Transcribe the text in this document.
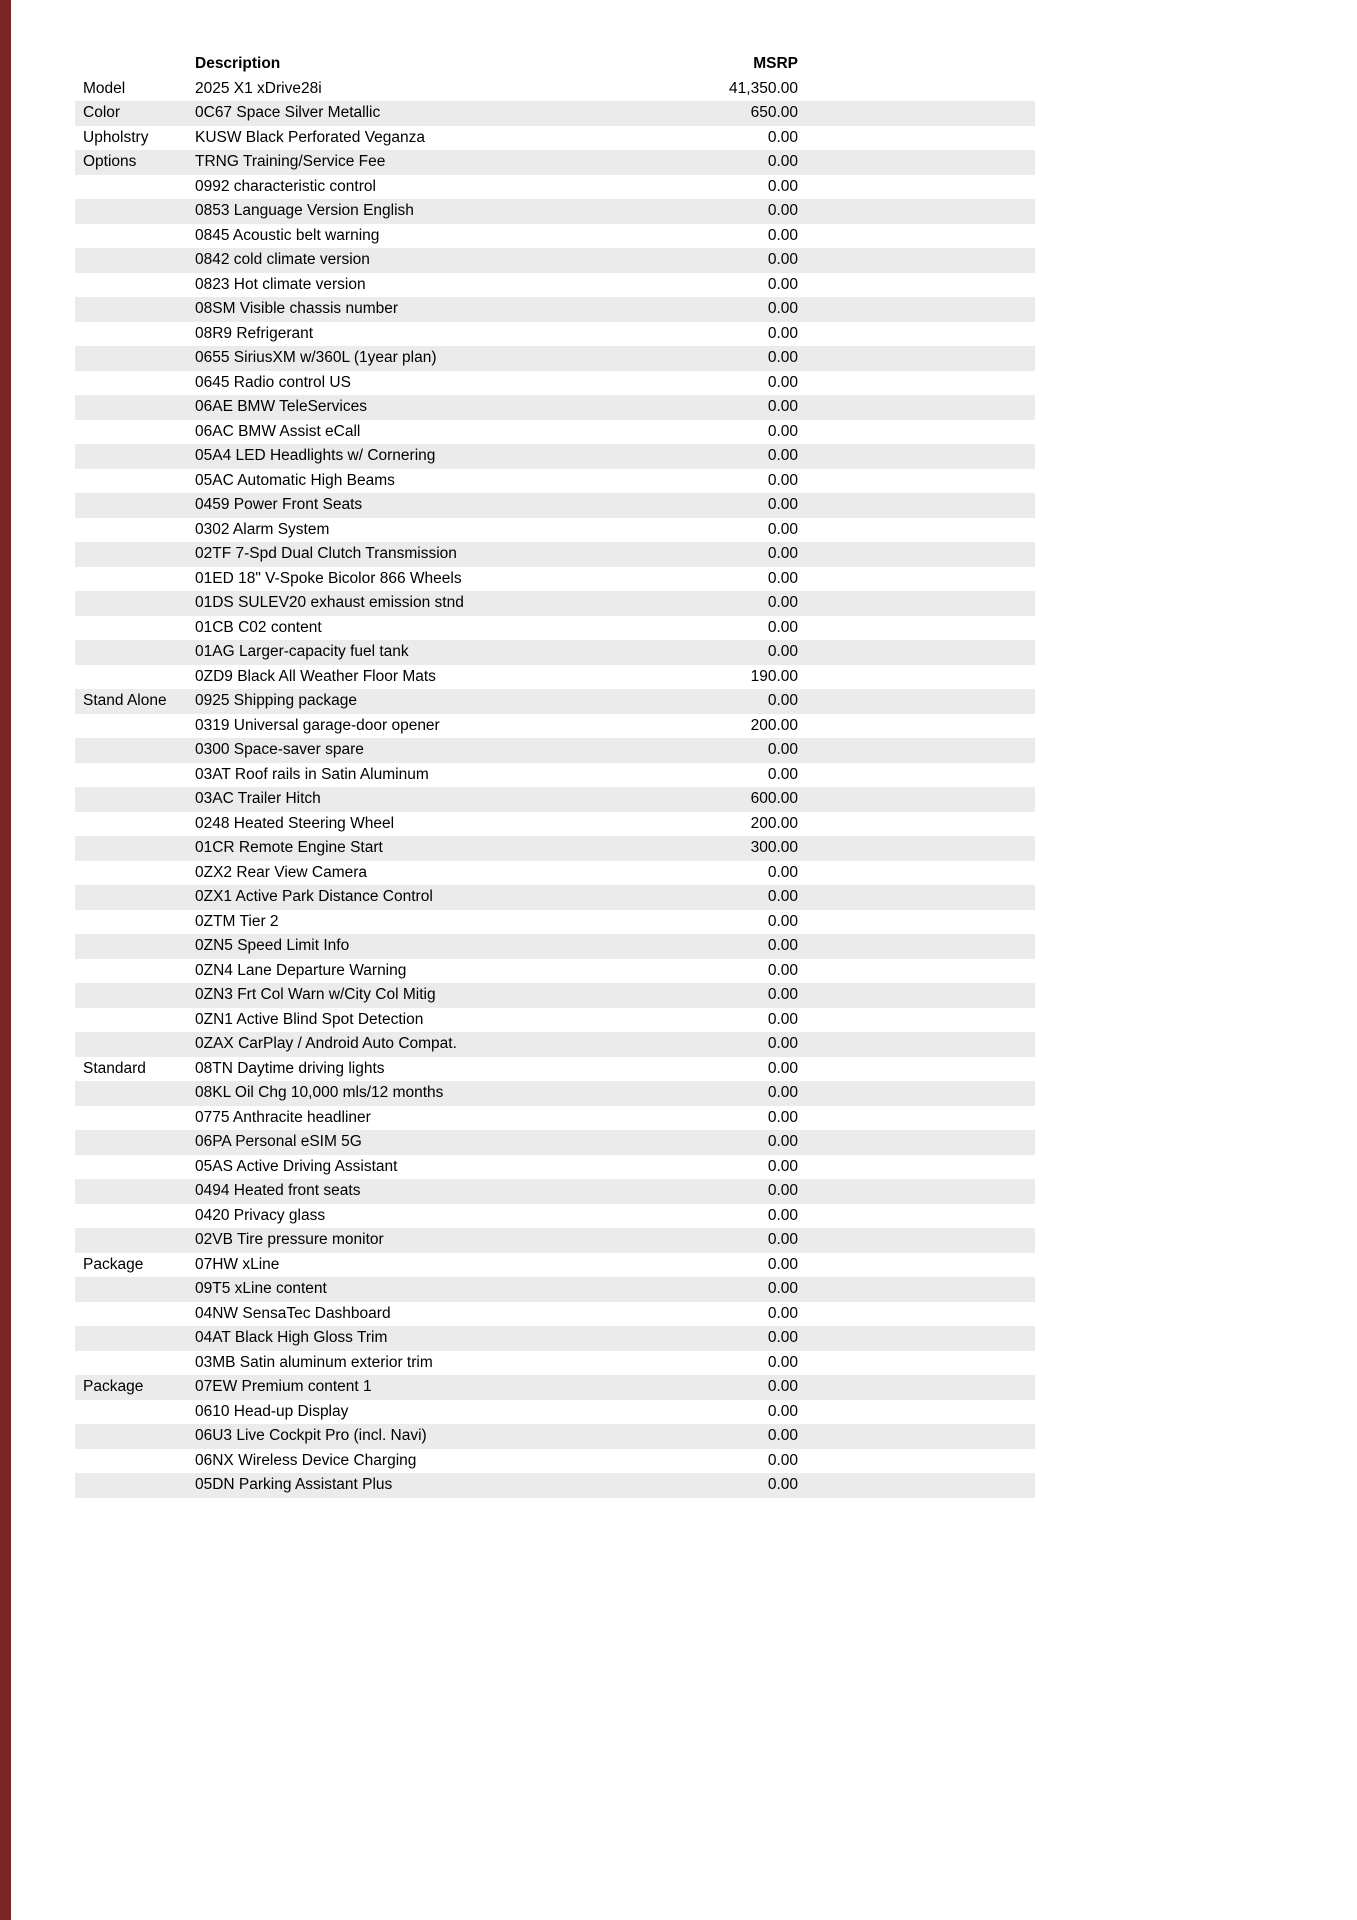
	Description	MSRP	
Model	2025 X1 xDrive28i	41,350.00	
Color	0C67 Space Silver Metallic	650.00	
Upholstry	KUSW Black Perforated Veganza	0.00	
Options	TRNG Training/Service Fee	0.00	
	0992 characteristic control	0.00	
	0853 Language Version English	0.00	
	0845 Acoustic belt warning	0.00	
	0842 cold climate version	0.00	
	0823 Hot climate version	0.00	
	08SM Visible chassis number	0.00	
	08R9 Refrigerant	0.00	
	0655 SiriusXM w/360L (1year plan)	0.00	
	0645 Radio control US	0.00	
	06AE BMW TeleServices	0.00	
	06AC BMW Assist eCall	0.00	
	05A4 LED Headlights w/ Cornering	0.00	
	05AC Automatic High Beams	0.00	
	0459 Power Front Seats	0.00	
	0302 Alarm System	0.00	
	02TF 7-Spd Dual Clutch Transmission	0.00	
	01ED 18" V-Spoke Bicolor 866 Wheels	0.00	
	01DS SULEV20 exhaust emission stnd	0.00	
	01CB C02 content	0.00	
	01AG Larger-capacity fuel tank	0.00	
	0ZD9 Black All Weather Floor Mats	190.00	
Stand Alone	0925 Shipping package	0.00	
	0319 Universal garage-door opener	200.00	
	0300 Space-saver spare	0.00	
	03AT Roof rails in Satin Aluminum	0.00	
	03AC Trailer Hitch	600.00	
	0248 Heated Steering Wheel	200.00	
	01CR Remote Engine Start	300.00	
	0ZX2 Rear View Camera	0.00	
	0ZX1 Active Park Distance Control	0.00	
	0ZTM Tier 2	0.00	
	0ZN5 Speed Limit Info	0.00	
	0ZN4 Lane Departure Warning	0.00	
	0ZN3 Frt Col Warn w/City Col Mitig	0.00	
	0ZN1 Active Blind Spot Detection	0.00	
	0ZAX CarPlay / Android Auto Compat.	0.00	
Standard	08TN Daytime driving lights	0.00	
	08KL Oil Chg 10,000 mls/12 months	0.00	
	0775 Anthracite headliner	0.00	
	06PA Personal eSIM 5G	0.00	
	05AS Active Driving Assistant	0.00	
	0494 Heated front seats	0.00	
	0420 Privacy glass	0.00	
	02VB Tire pressure monitor	0.00	
Package	07HW xLine	0.00	
	09T5 xLine content	0.00	
	04NW SensaTec Dashboard	0.00	
	04AT Black High Gloss Trim	0.00	
	03MB Satin aluminum exterior trim	0.00	
Package	07EW Premium content 1	0.00	
	0610 Head-up Display	0.00	
	06U3 Live Cockpit Pro (incl. Navi)	0.00	
	06NX Wireless Device Charging	0.00	
	05DN Parking Assistant Plus	0.00	
